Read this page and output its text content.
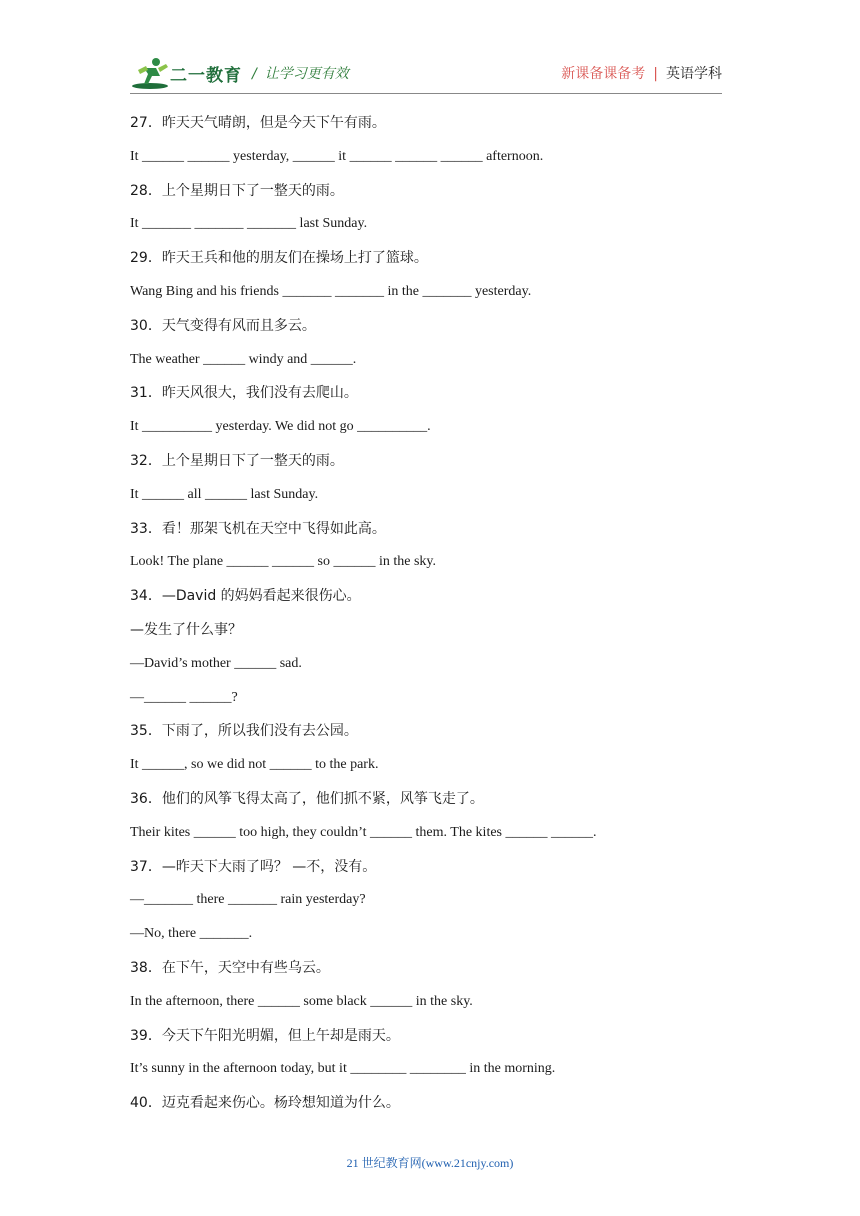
二一教育 / 让学习更有效	新课备课备考 | 英语学科
27．昨天天气晴朗，但是今天下午有雨。
It ______ ______ yesterday, ______ it ______ ______ ______ afternoon.
28．上个星期日下了一整天的雨。
It _______ _______ _______ last Sunday.
29．昨天王兵和他的朋友们在操场上打了篮球。
Wang Bing and his friends _______ _______ in the _______ yesterday.
30．天气变得有风而且多云。
The weather ______ windy and ______.
31．昨天风很大，我们没有去爬山。
It __________ yesterday. We did not go __________.
32．上个星期日下了一整天的雨。
It ______ all ______ last Sunday.
33．看！那架飞机在天空中飞得如此高。
Look! The plane ______ ______ so ______ in the sky.
34．—David 的妈妈看起来很伤心。
—发生了什么事？
—David’s mother ______ sad.
—______ ______?
35．下雨了，所以我们没有去公园。
It ______, so we did not ______ to the park.
36．他们的风筝飞得太高了，他们抓不紧，风筝飞走了。
Their kites ______ too high, they couldn’t ______ them. The kites ______ ______.
37．—昨天下大雨了吗？ —不，没有。
—_______ there _______ rain yesterday?
—No, there _______.
38．在下午，天空中有些乌云。
In the afternoon, there ______ some black ______ in the sky.
39．今天下午阳光明媚，但上午却是雨天。
It’s sunny in the afternoon today, but it ________ ________ in the morning.
40．迈克看起来伤心。杨玲想知道为什么。
21 世纪教育网(www.21cnjy.com)
